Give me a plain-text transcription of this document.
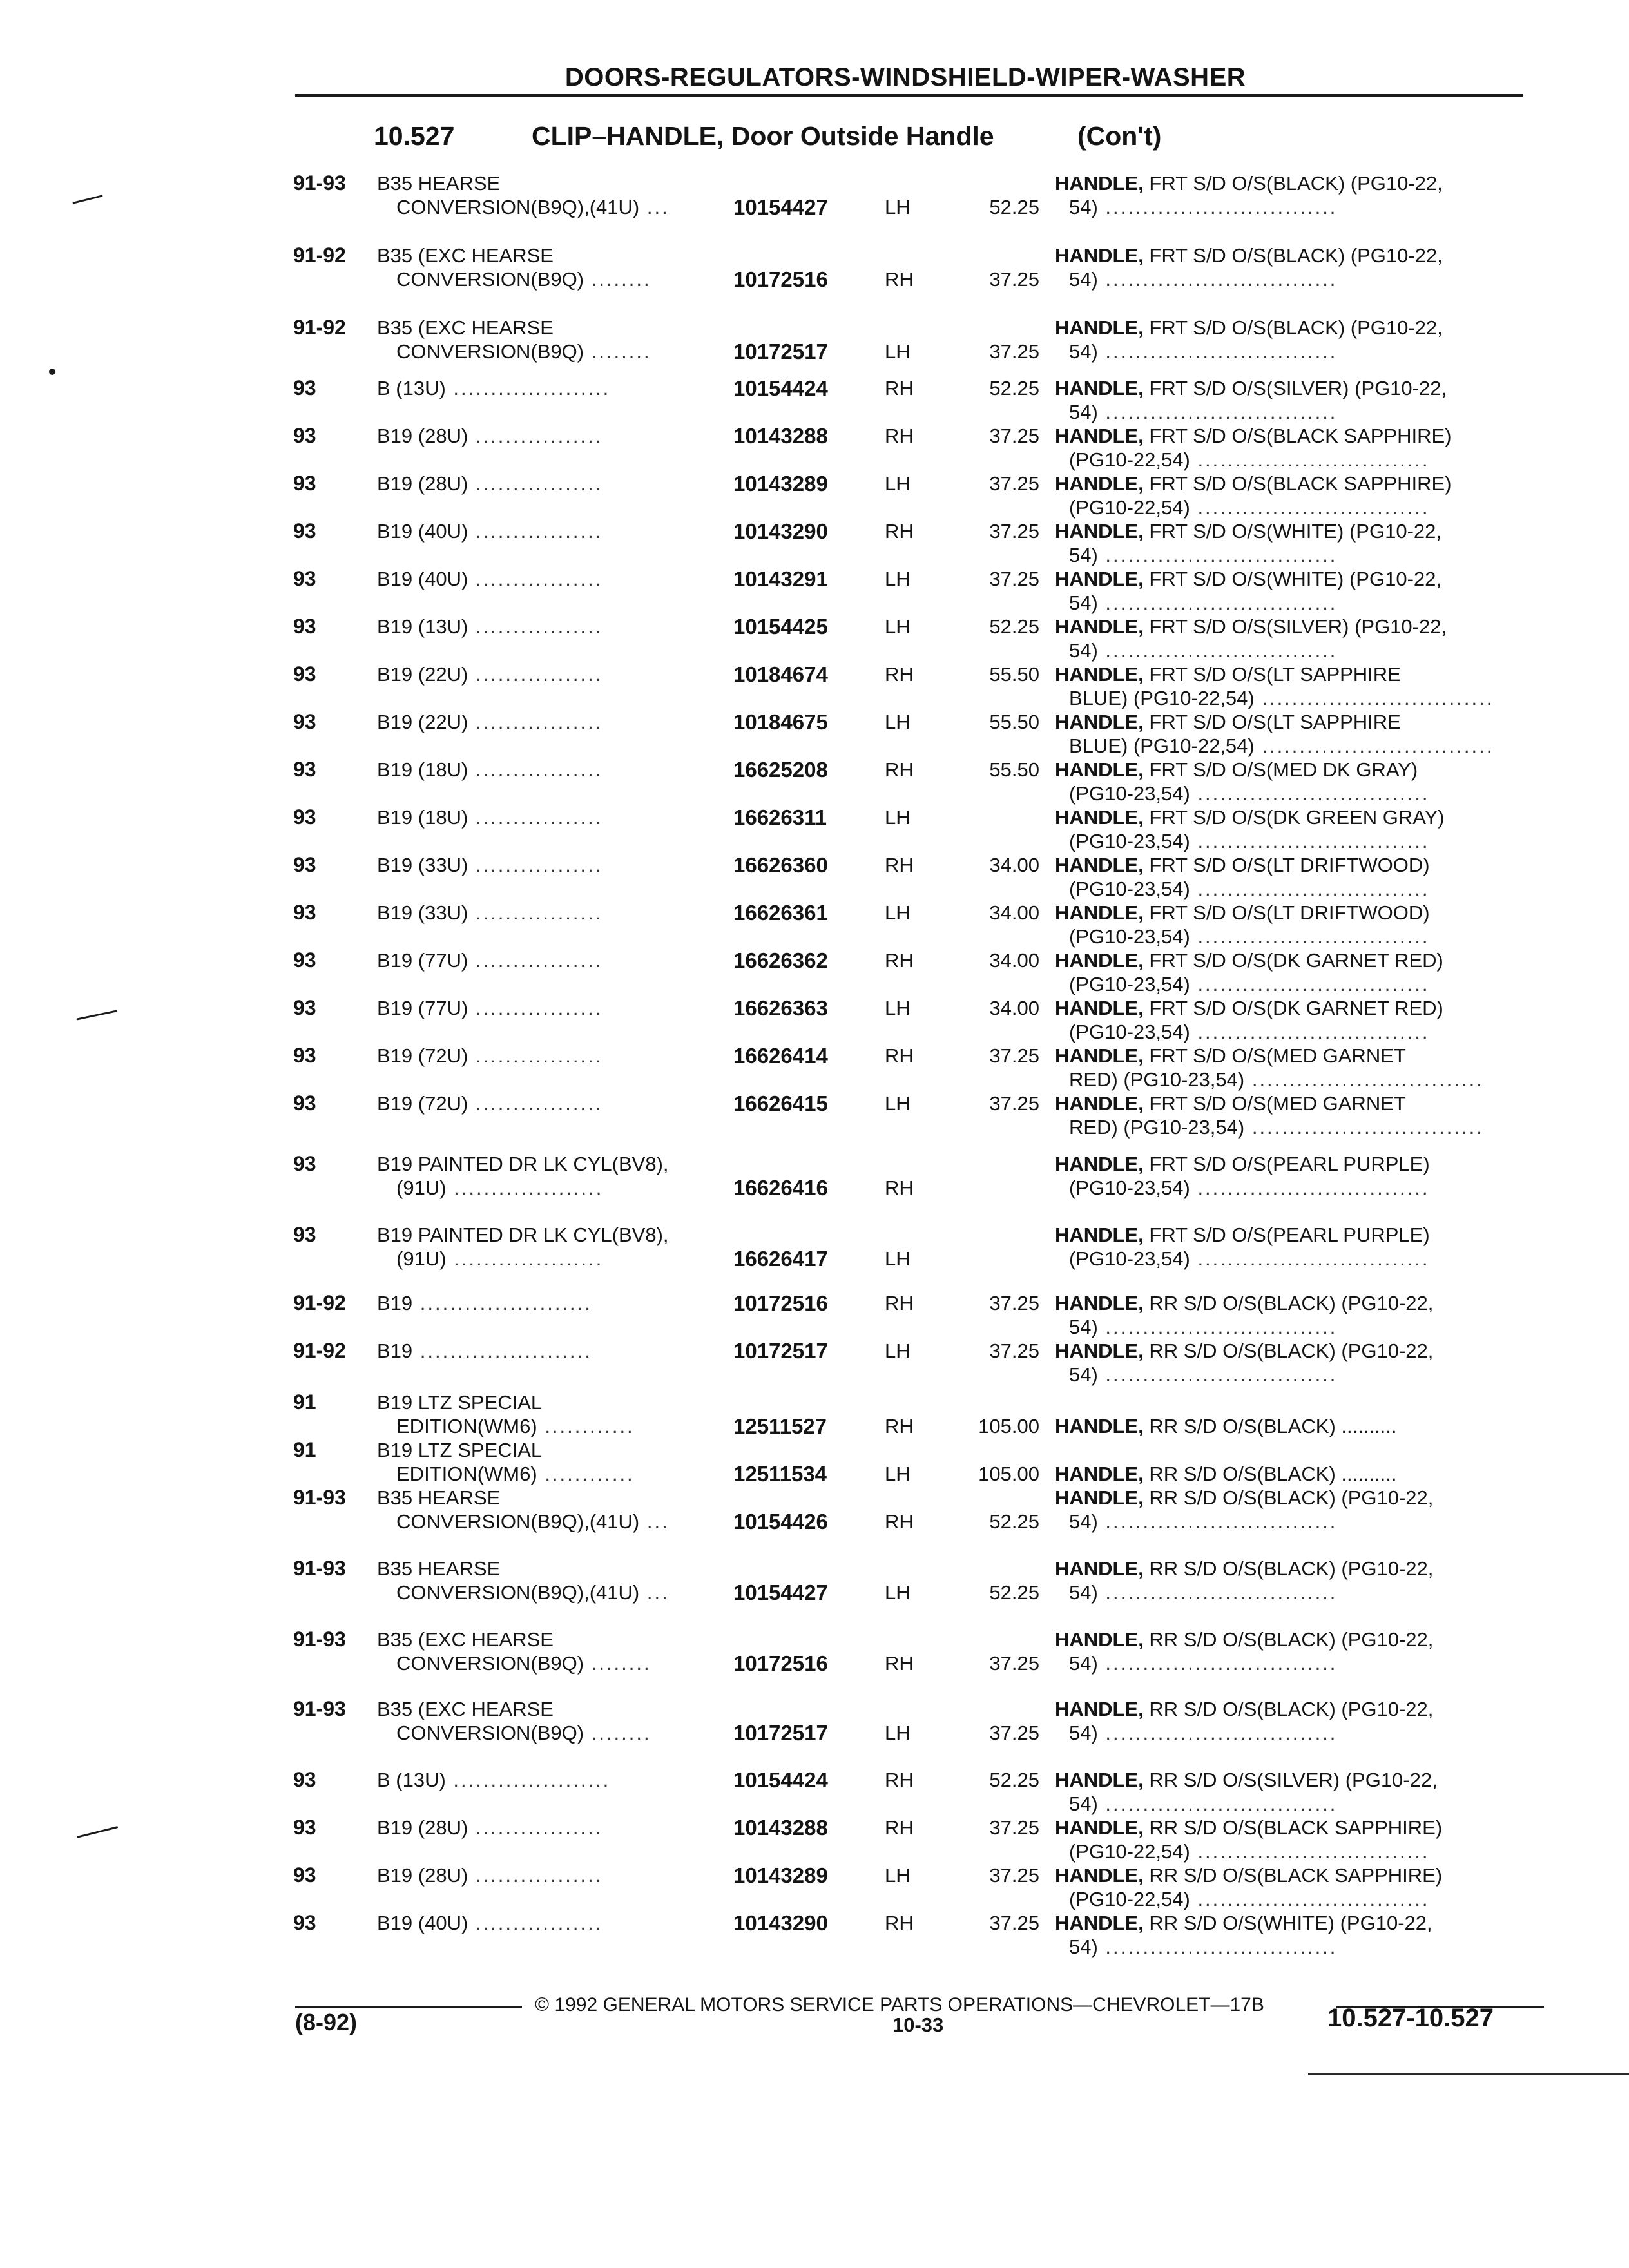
DOORS-REGULATORS-WINDSHIELD-WIPER-WASHER
10.527	CLIP–HANDLE, Door Outside Handle	(Con't)
91-93	B35 HEARSE
CONVERSION(B9Q),(41U) ...	10154427	LH	52.25
HANDLE, FRT S/D O/S(BLACK) (PG10-22,
54) ...............................
91-92	B35 (EXC HEARSE
CONVERSION(B9Q) ........	10172516	RH	37.25
HANDLE, FRT S/D O/S(BLACK) (PG10-22,
54) ...............................
91-92	B35 (EXC HEARSE
CONVERSION(B9Q) ........	10172517	LH	37.25
HANDLE, FRT S/D O/S(BLACK) (PG10-22,
54) ...............................
93	B (13U) .....................	10154424	RH	52.25 HANDLE, FRT S/D O/S(SILVER) (PG10-22,
54) ...............................
93	B19 (28U) .................	10143288	RH	37.25 HANDLE, FRT S/D O/S(BLACK SAPPHIRE)
(PG10-22,54) ...............................
93	B19 (28U) .................	10143289	LH	37.25 HANDLE, FRT S/D O/S(BLACK SAPPHIRE)
(PG10-22,54) ...............................
93	B19 (40U) .................	10143290	RH	37.25 HANDLE, FRT S/D O/S(WHITE) (PG10-22,
54) ...............................
93	B19 (40U) .................	10143291	LH	37.25 HANDLE, FRT S/D O/S(WHITE) (PG10-22,
54) ...............................
93	B19 (13U) .................	10154425	LH	52.25 HANDLE, FRT S/D O/S(SILVER) (PG10-22,
54) ...............................
93	B19 (22U) .................	10184674	RH	55.50 HANDLE, FRT S/D O/S(LT SAPPHIRE
BLUE) (PG10-22,54) ...............................
93	B19 (22U) .................	10184675	LH	55.50 HANDLE, FRT S/D O/S(LT SAPPHIRE
BLUE) (PG10-22,54) ...............................
93	B19 (18U) .................	16625208	RH	55.50 HANDLE, FRT S/D O/S(MED DK GRAY)
(PG10-23,54) ...............................
93	B19 (18U) .................	16626311	LH	HANDLE, FRT S/D O/S(DK GREEN GRAY)
(PG10-23,54) ...............................
93	B19 (33U) .................	16626360	RH	34.00 HANDLE, FRT S/D O/S(LT DRIFTWOOD)
(PG10-23,54) ...............................
93	B19 (33U) .................	16626361	LH	34.00 HANDLE, FRT S/D O/S(LT DRIFTWOOD)
(PG10-23,54) ...............................
93	B19 (77U) .................	16626362	RH	34.00 HANDLE, FRT S/D O/S(DK GARNET RED)
(PG10-23,54) ...............................
93	B19 (77U) .................	16626363	LH	34.00 HANDLE, FRT S/D O/S(DK GARNET RED)
(PG10-23,54) ...............................
93	B19 (72U) .................	16626414	RH	37.25 HANDLE, FRT S/D O/S(MED GARNET
RED) (PG10-23,54) ...............................
93	B19 (72U) .................	16626415	LH	37.25 HANDLE, FRT S/D O/S(MED GARNET
RED) (PG10-23,54) ...............................
93	B19 PAINTED DR LK CYL(BV8),
(91U) ....................	16626416	RH
HANDLE, FRT S/D O/S(PEARL PURPLE)
(PG10-23,54) ...............................
93	B19 PAINTED DR LK CYL(BV8),
(91U) ....................	16626417	LH
HANDLE, FRT S/D O/S(PEARL PURPLE)
(PG10-23,54) ...............................
91-92	B19 .......................	10172516	RH	37.25 HANDLE, RR S/D O/S(BLACK) (PG10-22,
54) ...............................
91-92	B19 .......................	10172517	LH	37.25 HANDLE, RR S/D O/S(BLACK) (PG10-22,
54) ...............................
91	B19 LTZ SPECIAL
EDITION(WM6) ............	12511527	RH	105.00 HANDLE, RR S/D O/S(BLACK) ..........
91	B19 LTZ SPECIAL
EDITION(WM6) ............	12511534	LH	105.00 HANDLE, RR S/D O/S(BLACK) ..........
91-93	B35 HEARSE
CONVERSION(B9Q),(41U) ...	10154426	RH	52.25
HANDLE, RR S/D O/S(BLACK) (PG10-22,
54) ...............................
91-93	B35 HEARSE
CONVERSION(B9Q),(41U) ...	10154427	LH	52.25
HANDLE, RR S/D O/S(BLACK) (PG10-22,
54) ...............................
91-93	B35 (EXC HEARSE
CONVERSION(B9Q) ........	10172516	RH	37.25
HANDLE, RR S/D O/S(BLACK) (PG10-22,
54) ...............................
91-93	B35 (EXC HEARSE
CONVERSION(B9Q) ........	10172517	LH	37.25
HANDLE, RR S/D O/S(BLACK) (PG10-22,
54) ...............................
93	B (13U) .....................	10154424	RH	52.25 HANDLE, RR S/D O/S(SILVER) (PG10-22,
54) ...............................
93	B19 (28U) .................	10143288	RH	37.25 HANDLE, RR S/D O/S(BLACK SAPPHIRE)
(PG10-22,54) ...............................
93	B19 (28U) .................	10143289	LH	37.25 HANDLE, RR S/D O/S(BLACK SAPPHIRE)
(PG10-22,54) ...............................
93	B19 (40U) .................	10143290	RH	37.25 HANDLE, RR S/D O/S(WHITE) (PG10-22,
54) ...............................
© 1992 GENERAL MOTORS SERVICE PARTS OPERATIONS—CHEVROLET—17B
(8-92)	10-33	10.527-10.527
